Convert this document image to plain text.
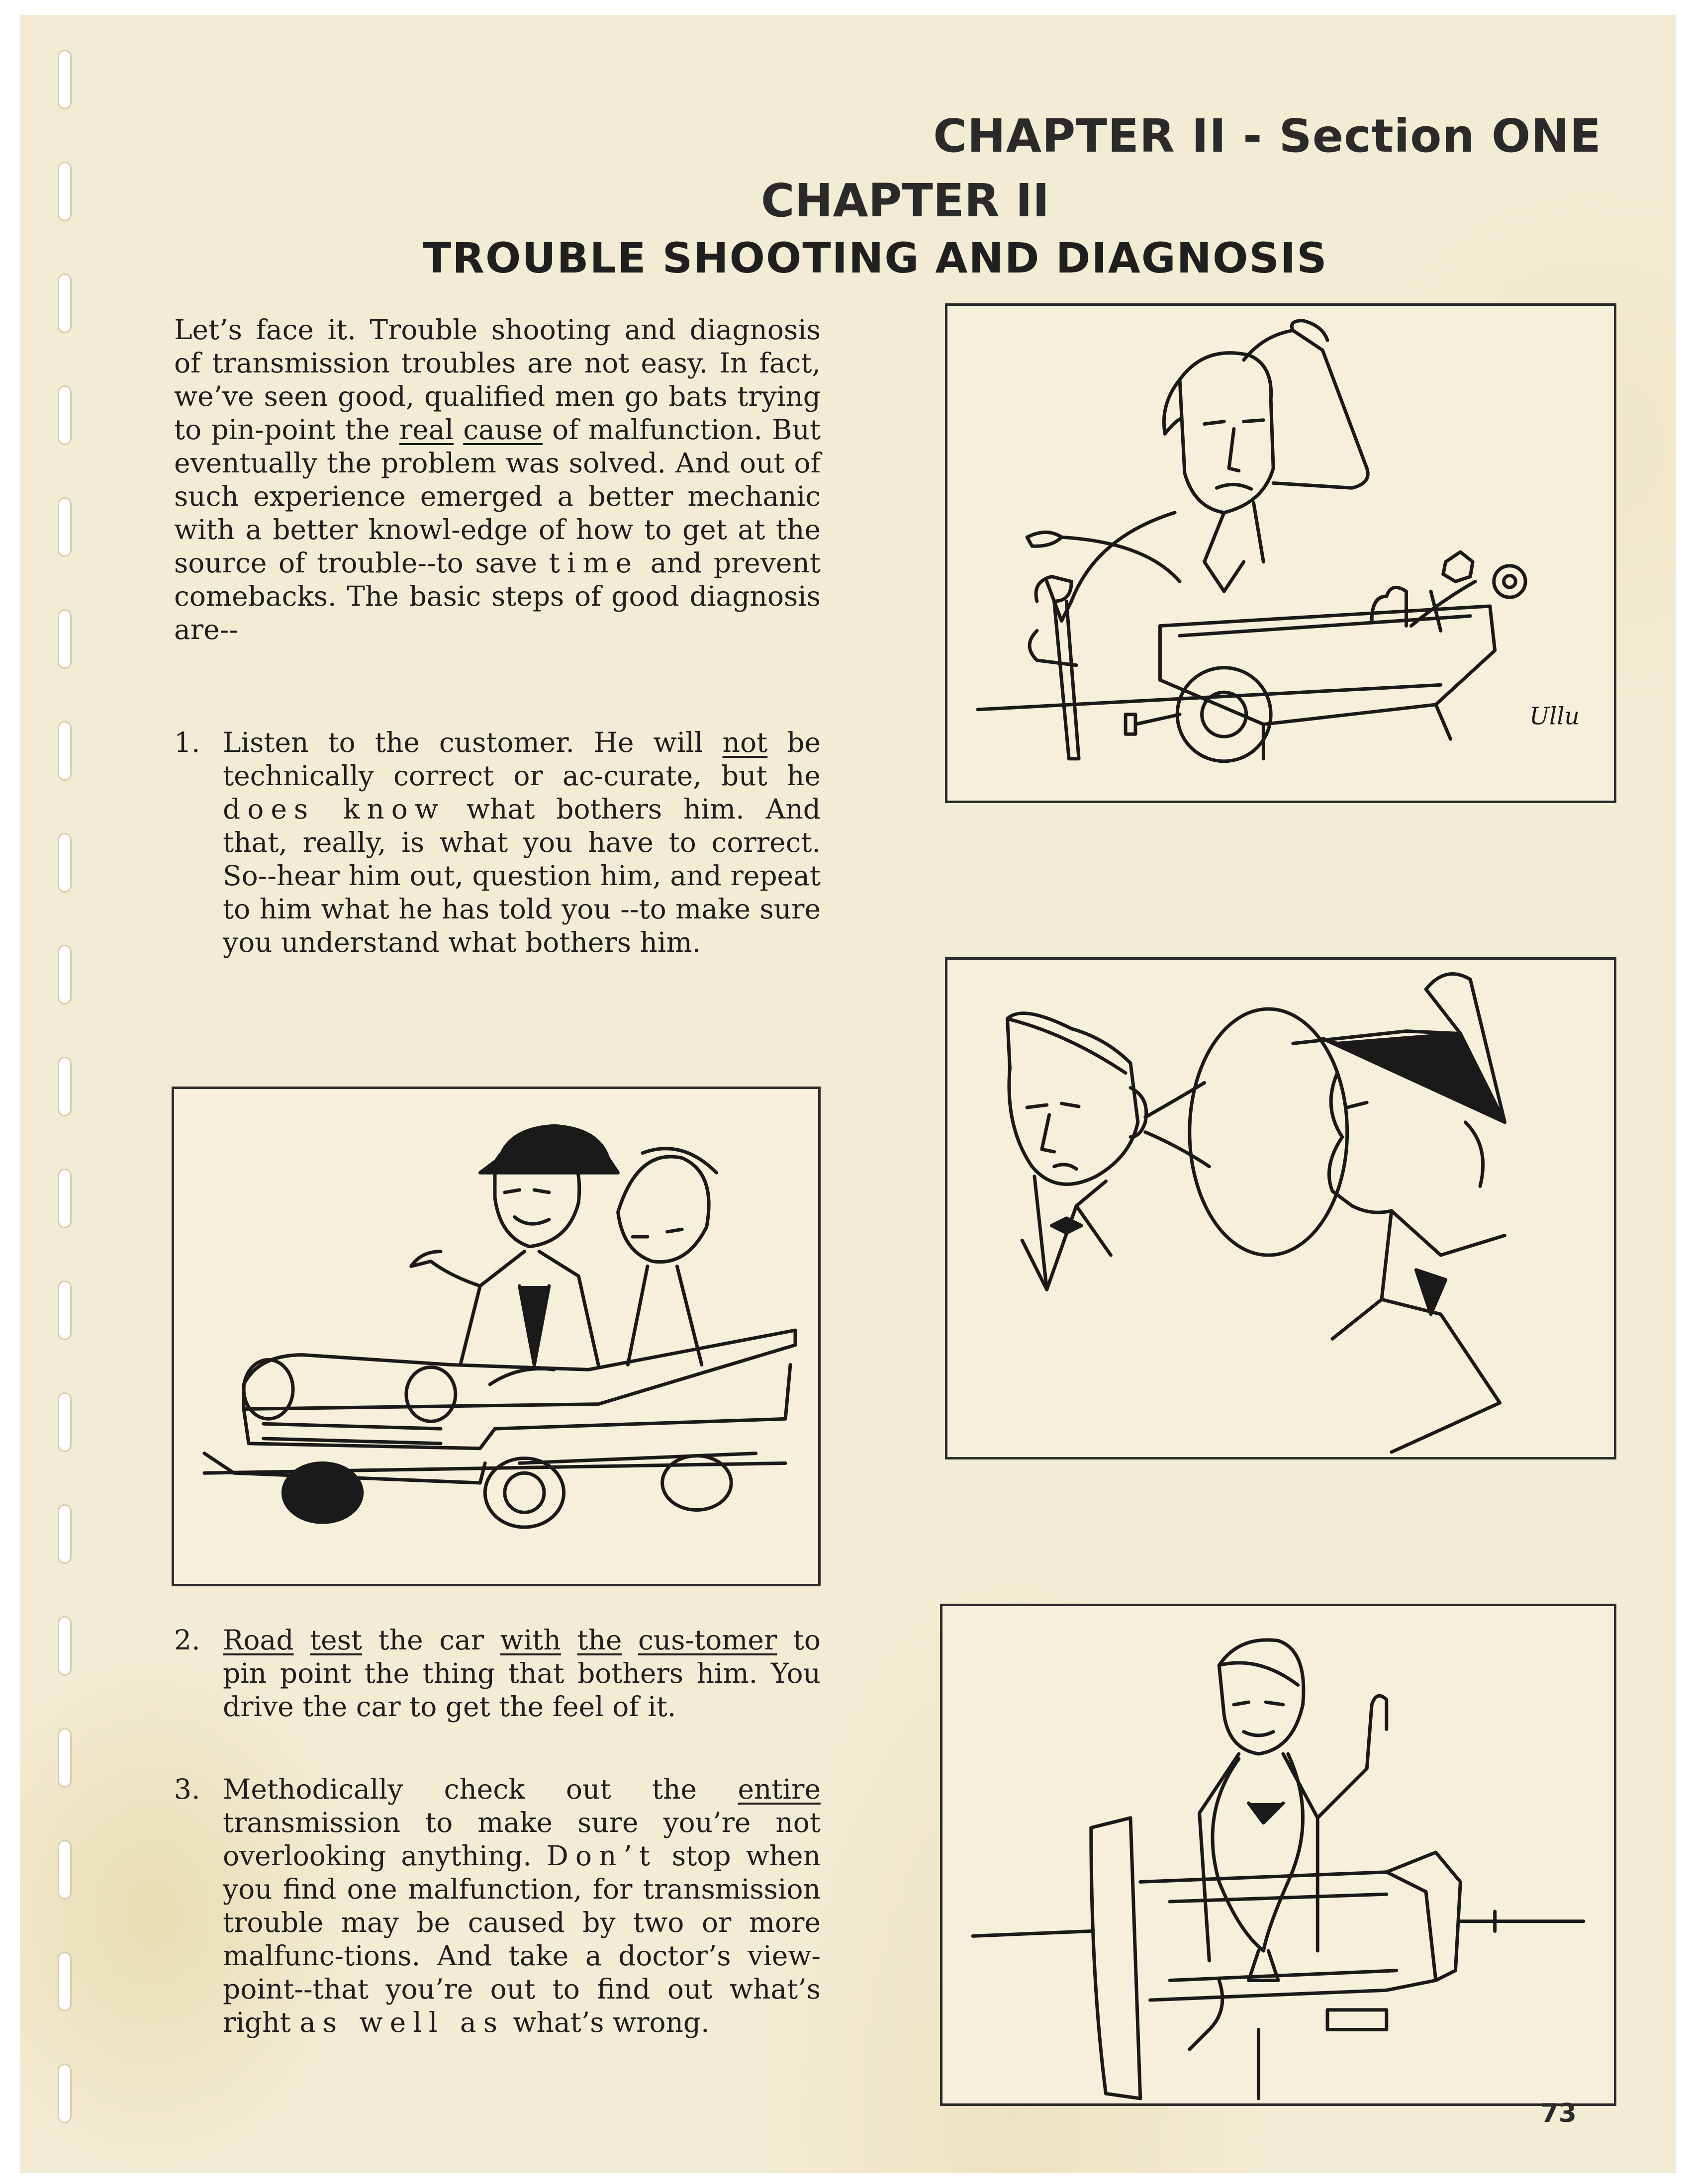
CHAPTER II - Section ONE

CHAPTER II
TROUBLE SHOOTING AND DIAGNOSIS

Let’s face it. Trouble shooting and diagnosis of transmission troubles are not easy. In fact, we’ve seen good, qualified men go bats trying to pin-point the real cause of malfunction. But eventually the problem was solved. And out of such experience emerged a better mechanic with a better knowl-edge of how to get at the source of trouble--to save time and prevent comebacks. The basic steps of good diagnosis are--

1. Listen to the customer. He will not be technically correct or ac-curate, but he does know what bothers him. And that, really, is what you have to correct. So--hear him out, question him, and repeat to him what he has told you --to make sure you understand what bothers him.
2. Road test the car with the cus-tomer to pin point the thing that bothers him. You drive the car to get the feel of it.
3. Methodically check out the entire transmission to make sure you’re not overlooking anything. Don’t stop when you find one malfunction, for transmission trouble may be caused by two or more malfunc-tions. And take a doctor’s view-point--that you’re out to find out what’s right as well as what’s wrong.
Ullu

73
